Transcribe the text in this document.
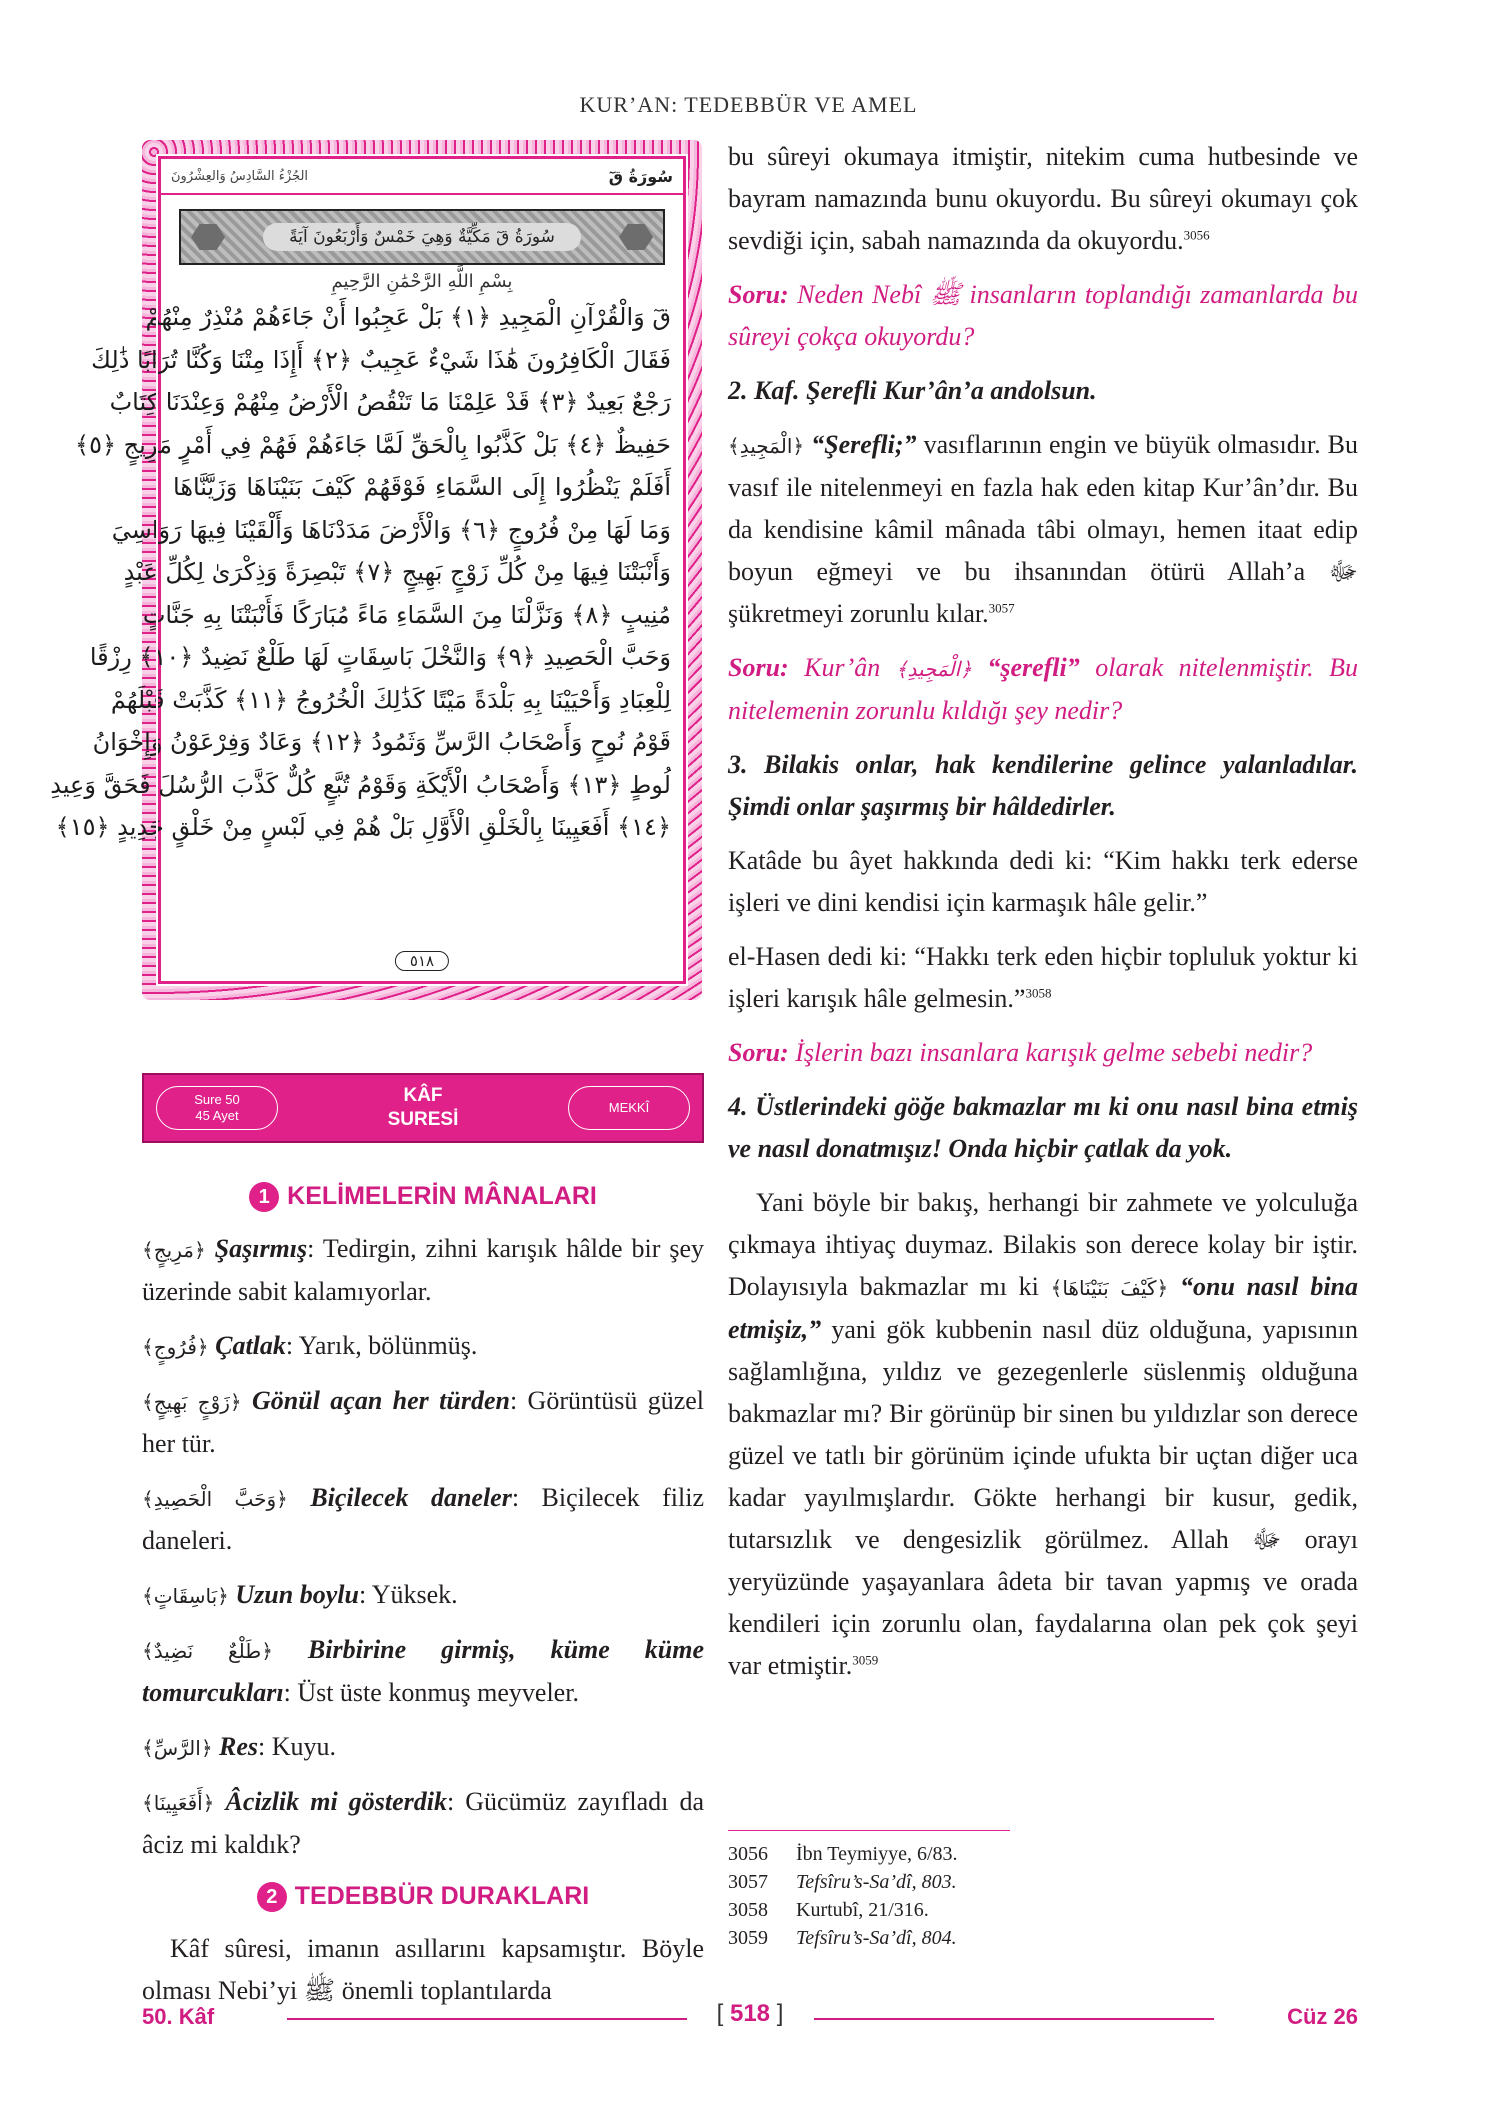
KUR’AN: TEDEBBÜR VE AMEL
سُورَةُ قٓ
الجُزْءُ السَّادِسُ وَالعِشْرُونَ
سُورَةُ قٓ مَكِّيَّةٌ وَهِيَ خَمْسٌ وَأَرْبَعُونَ آيَةً
بِسْمِ اللَّهِ الرَّحْمَٰنِ الرَّحِيمِ
قٓ وَالْقُرْآنِ الْمَجِيدِ ﴿١﴾ بَلْ عَجِبُوا أَنْ جَاءَهُمْ مُنْذِرٌ مِنْهُمْ
فَقَالَ الْكَافِرُونَ هَٰذَا شَيْءٌ عَجِيبٌ ﴿٢﴾ أَإِذَا مِتْنَا وَكُنَّا تُرَابًا ذَٰلِكَ
رَجْعٌ بَعِيدٌ ﴿٣﴾ قَدْ عَلِمْنَا مَا تَنْقُصُ الْأَرْضُ مِنْهُمْ وَعِنْدَنَا كِتَابٌ
حَفِيظٌ ﴿٤﴾ بَلْ كَذَّبُوا بِالْحَقِّ لَمَّا جَاءَهُمْ فَهُمْ فِي أَمْرٍ مَرِيجٍ ﴿٥﴾
أَفَلَمْ يَنْظُرُوا إِلَى السَّمَاءِ فَوْقَهُمْ كَيْفَ بَنَيْنَاهَا وَزَيَّنَّاهَا
وَمَا لَهَا مِنْ فُرُوجٍ ﴿٦﴾ وَالْأَرْضَ مَدَدْنَاهَا وَأَلْقَيْنَا فِيهَا رَوَاسِيَ
وَأَنْبَتْنَا فِيهَا مِنْ كُلِّ زَوْجٍ بَهِيجٍ ﴿٧﴾ تَبْصِرَةً وَذِكْرَىٰ لِكُلِّ عَبْدٍ
مُنِيبٍ ﴿٨﴾ وَنَزَّلْنَا مِنَ السَّمَاءِ مَاءً مُبَارَكًا فَأَنْبَتْنَا بِهِ جَنَّاتٍ
وَحَبَّ الْحَصِيدِ ﴿٩﴾ وَالنَّخْلَ بَاسِقَاتٍ لَهَا طَلْعٌ نَضِيدٌ ﴿١٠﴾ رِزْقًا
لِلْعِبَادِ وَأَحْيَيْنَا بِهِ بَلْدَةً مَيْتًا كَذَٰلِكَ الْخُرُوجُ ﴿١١﴾ كَذَّبَتْ قَبْلَهُمْ
قَوْمُ نُوحٍ وَأَصْحَابُ الرَّسِّ وَثَمُودُ ﴿١٢﴾ وَعَادٌ وَفِرْعَوْنُ وَإِخْوَانُ
لُوطٍ ﴿١٣﴾ وَأَصْحَابُ الْأَيْكَةِ وَقَوْمُ تُبَّعٍ كُلٌّ كَذَّبَ الرُّسُلَ فَحَقَّ وَعِيدِ
﴿١٤﴾ أَفَعَيِينَا بِالْخَلْقِ الْأَوَّلِ بَلْ هُمْ فِي لَبْسٍ مِنْ خَلْقٍ جَدِيدٍ ﴿١٥﴾
٥١٨
Sure 50
45 Ayet
KÂF
SURESİ
MEKKÎ
1 KELİMELERİN MÂNALARI

﴿مَرِيجٍ﴾ Şaşırmış: Tedirgin, zihni karışık hâlde bir şey üzerinde sabit kalamıyorlar.

﴿فُرُوجٍ﴾ Çatlak: Yarık, bölünmüş.

﴿زَوْجٍ بَهِيجٍ﴾ Gönül açan her türden: Görüntüsü güzel her tür.

﴿وَحَبَّ الْحَصِيدِ﴾ Biçilecek daneler: Biçilecek filiz daneleri.

﴿بَاسِقَاتٍ﴾ Uzun boylu: Yüksek.

﴿طَلْعٌ نَضِيدٌ﴾ Birbirine girmiş, küme küme tomurcukları: Üst üste konmuş meyveler.

﴿الرَّسِّ﴾ Res: Kuyu.

﴿أَفَعَيِينَا﴾ Âcizlik mi gösterdik: Gücümüz zayıfladı da âciz mi kaldık?

2 TEDEBBÜR DURAKLARI

Kâf sûresi, imanın asıllarını kapsamıştır. Böyle olması Nebi’yi ﷺ önemli toplantılarda

bu sûreyi okumaya itmiştir, nitekim cuma hutbesinde ve bayram namazında bunu okuyordu. Bu sûreyi okumayı çok sevdiği için, sabah namazında da okuyordu.$^{3056}$

Soru: Neden Nebî ﷺ insanların toplandığı zamanlarda bu sûreyi çokça okuyordu?

2. Kaf. Şerefli Kur’ân’a andolsun.

﴿الْمَجِيدِ﴾ “Şerefli;” vasıflarının engin ve büyük olmasıdır. Bu vasıf ile nitelenmeyi en fazla hak eden kitap Kur’ân’dır. Bu da kendisine kâmil mânada tâbi olmayı, hemen itaat edip boyun eğmeyi ve bu ihsanından ötürü Allah’a ﷻ şükretmeyi zorunlu kılar.$^{3057}$

Soru: Kur’ân ﴿الْمَجِيدِ﴾ “şerefli” olarak nitelenmiştir. Bu nitelemenin zorunlu kıldığı şey nedir?

3. Bilakis onlar, hak kendilerine gelince yalanladılar. Şimdi onlar şaşırmış bir hâldedirler.

Katâde bu âyet hakkında dedi ki: “Kim hakkı terk ederse işleri ve dini kendisi için karmaşık hâle gelir.”

el-Hasen dedi ki: “Hakkı terk eden hiçbir topluluk yoktur ki işleri karışık hâle gelmesin.”$^{3058}$

Soru: İşlerin bazı insanlara karışık gelme sebebi nedir?

4. Üstlerindeki göğe bakmazlar mı ki onu nasıl bina etmiş ve nasıl donatmışız! Onda hiçbir çatlak da yok.

Yani böyle bir bakış, herhangi bir zahmete ve yolculuğa çıkmaya ihtiyaç duymaz. Bilakis son derece kolay bir iştir. Dolayısıyla bakmazlar mı ki ﴿كَيْفَ بَنَيْنَاهَا﴾ “onu nasıl bina etmişiz,” yani gök kubbenin nasıl düz olduğuna, yapısının sağlamlığına, yıldız ve gezegenlerle süslenmiş olduğuna bakmazlar mı? Bir görünüp bir sinen bu yıldızlar son derece güzel ve tatlı bir görünüm içinde ufukta bir uçtan diğer uca kadar yayılmışlardır. Gökte herhangi bir kusur, gedik, tutarsızlık ve dengesizlik görülmez. Allah ﷻ orayı yeryüzünde yaşayanlara âdeta bir tavan yapmış ve orada kendileri için zorunlu olan, faydalarına olan pek çok şeyi var etmiştir.$^{3059}$

3056	İbn Teymiyye, 6/83.
3057	Tefsîru’s-Sa’dî, 803.
3058	Kurtubî, 21/316.
3059	Tefsîru’s-Sa’dî, 804.
50. Kâf	[ 518 ]	Cüz 26
